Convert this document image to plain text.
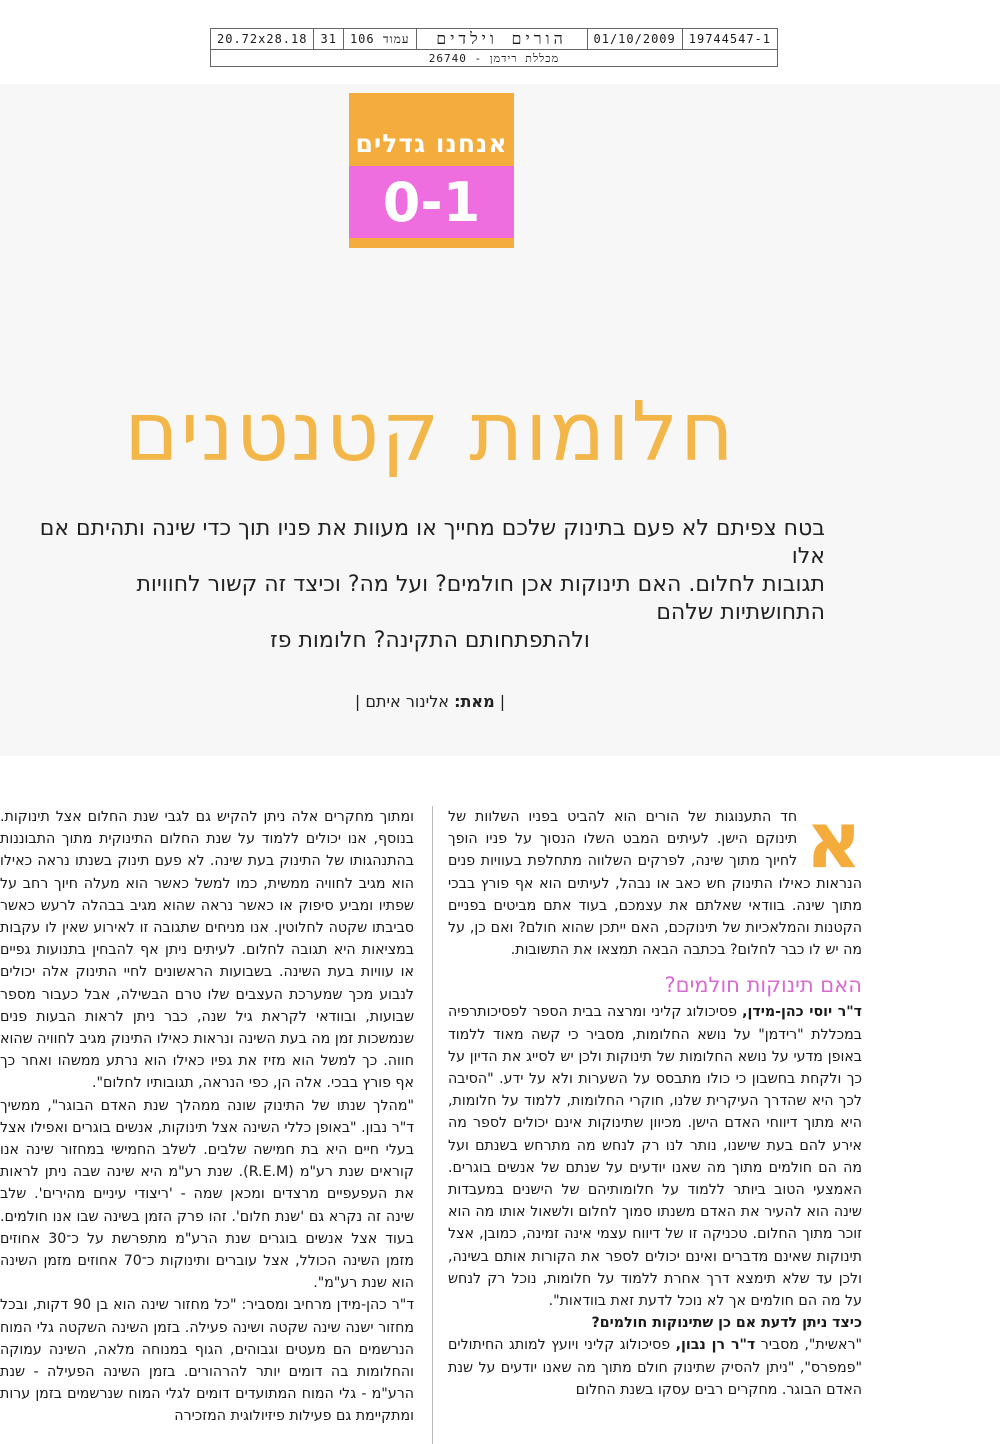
19744547-1
01/10/2009
הורים וילדים
עמוד 106
31
20.72x28.18
מכללת רידמן - 26740
אנחנו גדלים
0-1
חלומות קטנטנים

בטח צפיתם לא פעם בתינוק שלכם מחייך או מעוות את פניו תוך כדי שינה ותהיתם אם אלו
תגובות לחלום. האם תינוקות אכן חולמים? ועל מה? וכיצד זה קשור לחוויות התחושתיות שלהם
ולהתפתחותם התקינה? חלומות פז

| מאת: אלינור איתם |

א
חד התענוגות של הורים הוא להביט בפניו השלוות של תינוקם הישן. לעיתים המבט השלו הנסוך על פניו הופך לחיוך מתוך שינה, לפרקים השלווה מתחלפת בעוויות פנים הנראות כאילו התינוק חש כאב או נבהל, לעיתים הוא אף פורץ בבכי מתוך שינה. בוודאי שאלתם את עצמכם, בעוד אתם מביטים בפניים הקטנות והמלאכיות של תינוקכם, האם ייתכן שהוא חולם? ואם כן, על מה יש לו כבר לחלום? בכתבה הבאה תמצאו את התשובות.

האם תינוקות חולמים?

ד"ר יוסי כהן-מידן, פסיכולוג קליני ומרצה בבית הספר לפסיכותרפיה במכללת "רידמן" על נושא החלומות, מסביר כי קשה מאוד ללמוד באופן מדעי על נושא החלומות של תינוקות ולכן יש לסייג את הדיון על כך ולקחת בחשבון כי כולו מתבסס על השערות ולא על ידע. "הסיבה לכך היא שהדרך העיקרית שלנו, חוקרי החלומות, ללמוד על חלומות, היא מתוך דיווחי האדם הישן. מכיוון שתינוקות אינם יכולים לספר מה אירע להם בעת שישנו, נותר לנו רק לנחש מה מתרחש בשנתם ועל מה הם חולמים מתוך מה שאנו יודעים על שנתם של אנשים בוגרים. האמצעי הטוב ביותר ללמוד על חלומותיהם של הישנים במעבדות שינה הוא להעיר את האדם משנתו סמוך לחלום ולשאול אותו מה הוא זוכר מתוך החלום. טכניקה זו של דיווח עצמי אינה זמינה, כמובן, אצל תינוקות שאינם מדברים ואינם יכולים לספר את הקורות אותם בשינה, ולכן עד שלא תימצא דרך אחרת ללמוד על חלומות, נוכל רק לנחש על מה הם חולמים אך לא נוכל לדעת זאת בוודאות".

כיצד ניתן לדעת אם כן שתינוקות חולמים?

"ראשית", מסביר ד"ר רן נבון, פסיכולוג קליני ויועץ למותג החיתולים "פמפרס", "ניתן להסיק שתינוק חולם מתוך מה שאנו יודעים על שנת האדם הבוגר. מחקרים רבים עסקו בשנת החלום

ומתוך מחקרים אלה ניתן להקיש גם לגבי שנת החלום אצל תינוקות. בנוסף, אנו יכולים ללמוד על שנת החלום התינוקית מתוך התבוננות בהתנהגותו של התינוק בעת שינה. לא פעם תינוק בשנתו נראה כאילו הוא מגיב לחוויה ממשית, כמו למשל כאשר הוא מעלה חיוך רחב על שפתיו ומביע סיפוק או כאשר נראה שהוא מגיב בבהלה לרעש כאשר סביבתו שקטה לחלוטין. אנו מניחים שתגובה זו לאירוע שאין לו עקבות במציאות היא תגובה לחלום. לעיתים ניתן אף להבחין בתנועות גפיים או עוויות בעת השינה. בשבועות הראשונים לחיי התינוק אלה יכולים לנבוע מכך שמערכת העצבים שלו טרם הבשילה, אבל כעבור מספר שבועות, ובוודאי לקראת גיל שנה, כבר ניתן לראות הבעות פנים שנמשכות זמן מה בעת השינה ונראות כאילו התינוק מגיב לחוויה שהוא חווה. כך למשל הוא מזיז את גפיו כאילו הוא נרתע ממשהו ואחר כך אף פורץ בבכי. אלה הן, כפי הנראה, תגובותיו לחלום".

"מהלך שנתו של התינוק שונה ממהלך שנת האדם הבוגר", ממשיך ד"ר נבון. "באופן כללי השינה אצל תינוקות, אנשים בוגרים ואפילו אצל בעלי חיים היא בת חמישה שלבים. לשלב החמישי במחזור שינה אנו קוראים שנת רע"מ (R.E.M). שנת רע"מ היא שינה שבה ניתן לראות את העפעפיים מרצדים ומכאן שמה - 'ריצודי עיניים מהירים'. שלב שינה זה נקרא גם 'שנת חלום'. זהו פרק הזמן בשינה שבו אנו חולמים. בעוד אצל אנשים בוגרים שנת הרע"מ מתפרשת על כ־30 אחוזים מזמן השינה הכולל, אצל עוברים ותינוקות כ־70 אחוזים מזמן השינה הוא שנת רע"מ".

ד"ר כהן-מידן מרחיב ומסביר: "כל מחזור שינה הוא בן 90 דקות, ובכל מחזור ישנה שינה שקטה ושינה פעילה. בזמן השינה השקטה גלי המוח הנרשמים הם מעטים וגבוהים, הגוף במנוחה מלאה, השינה עמוקה והחלומות בה דומים יותר להרהורים. בזמן השינה הפעילה - שנת הרע"מ - גלי המוח המתועדים דומים לגלי המוח שנרשמים בזמן ערות ומתקיימת גם פעילות פיזיולוגית המזכירה
